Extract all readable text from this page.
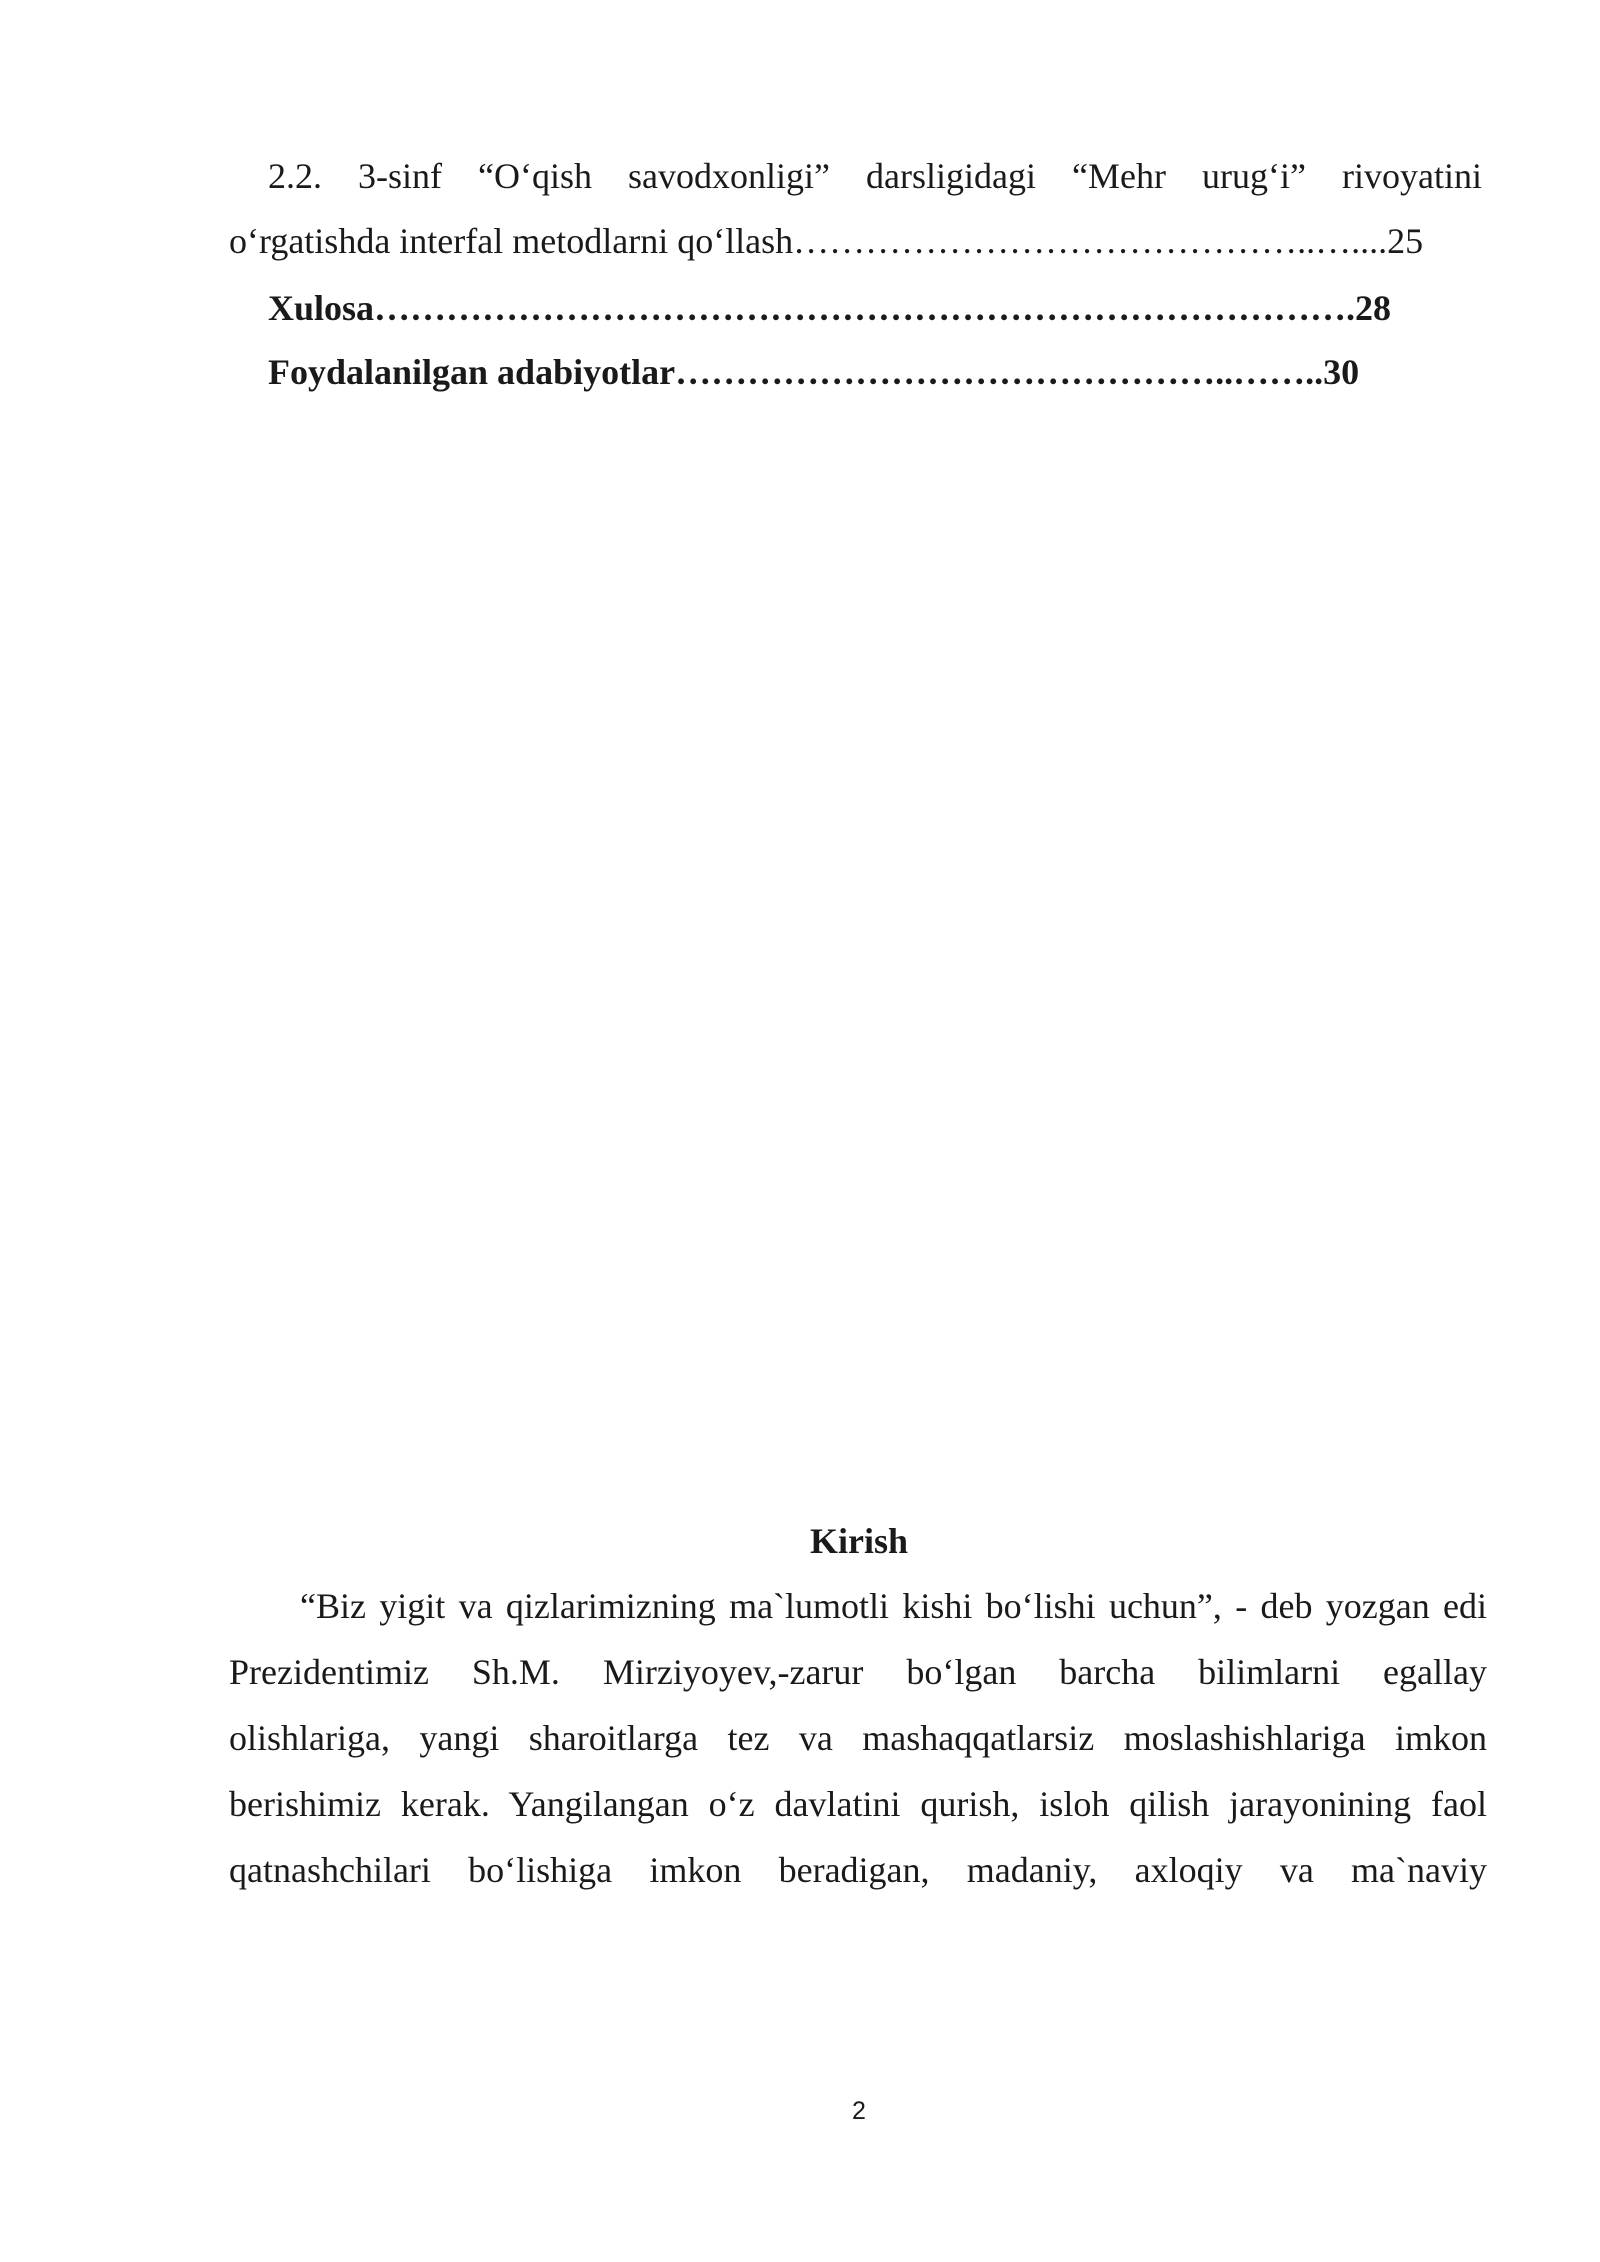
2.2. 3-sinf “O‘qish savodxonligi” darsligidagi “Mehr urug‘i” rivoyatini
o‘rgatishda interfal metodlarni qo‘llash……………………………………..…....25
Xulosa……………………………………………………………………….28
Foydalanilgan adabiyotlar………………………………………..……..30
Kirish
“Biz yigit va qizlarimizning ma`lumotli kishi bo‘lishi uchun”, - deb yozgan edi
Prezidentimiz Sh.M. Mirziyoyev,-zarur bo‘lgan barcha bilimlarni egallay
olishlariga, yangi sharoitlarga tez va mashaqqatlarsiz moslashishlariga imkon
berishimiz kerak. Yangilangan o‘z davlatini qurish, isloh qilish jarayonining faol
qatnashchilari bo‘lishiga imkon beradigan, madaniy, axloqiy va ma`naviy
2
